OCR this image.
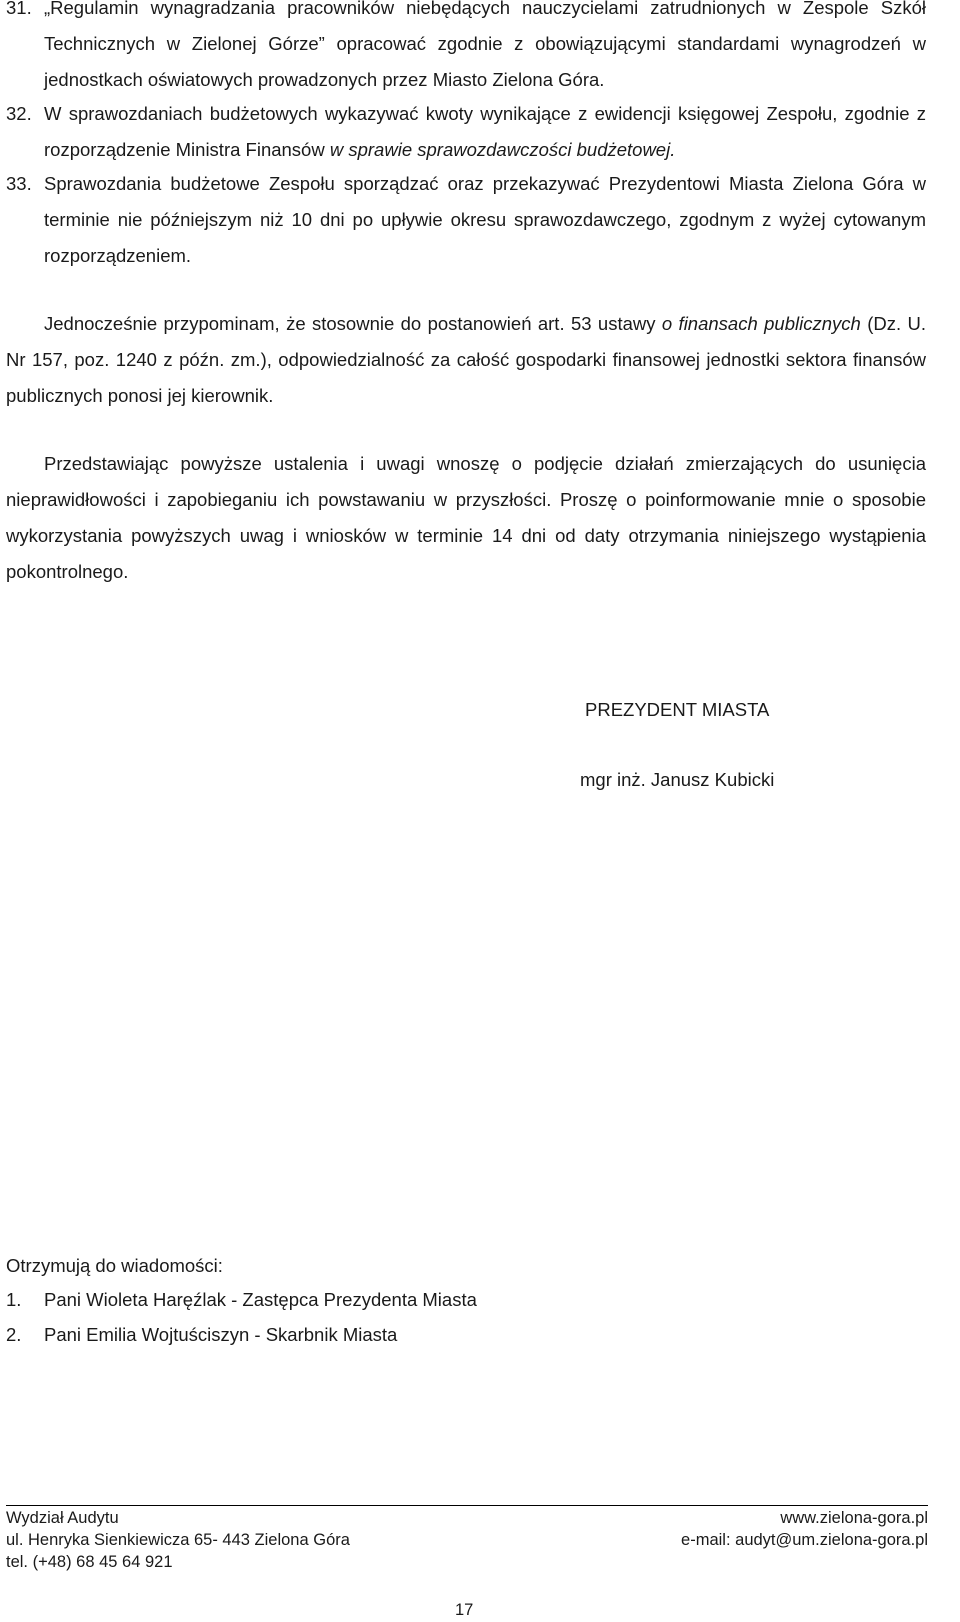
31. „Regulamin wynagradzania pracowników niebędących nauczycielami zatrudnionych w Zespole Szkół Technicznych w Zielonej Górze” opracować zgodnie z obowiązującymi standardami wynagrodzeń w jednostkach oświatowych prowadzonych przez Miasto Zielona Góra.
32. W sprawozdaniach budżetowych wykazywać kwoty wynikające z ewidencji księgowej Zespołu, zgodnie z rozporządzenie Ministra Finansów w sprawie sprawozdawczości budżetowej.
33. Sprawozdania budżetowe Zespołu sporządzać oraz przekazywać Prezydentowi Miasta Zielona Góra w terminie nie późniejszym niż 10 dni po upływie okresu sprawozdawczego, zgodnym z wyżej cytowanym rozporządzeniem.
Jednocześnie przypominam, że stosownie do postanowień art. 53 ustawy o finansach publicznych (Dz. U. Nr 157, poz. 1240 z późn. zm.), odpowiedzialność za całość gospodarki finansowej jednostki sektora finansów publicznych ponosi jej kierownik.
Przedstawiając powyższe ustalenia i uwagi wnoszę o podjęcie działań zmierzających do usunięcia nieprawidłowości i zapobieganiu ich powstawaniu w przyszłości. Proszę o poinformowanie mnie o sposobie wykorzystania powyższych uwag i wniosków w terminie 14 dni od daty otrzymania niniejszego wystąpienia pokontrolnego.
PREZYDENT MIASTA
mgr inż. Janusz Kubicki
Otrzymują do wiadomości:
1. Pani Wioleta Haręźlak - Zastępca Prezydenta Miasta
2. Pani Emilia Wojtuściszyn - Skarbnik Miasta
Wydział Audytu
ul. Henryka Sienkiewicza 65- 443 Zielona Góra
tel. (+48) 68 45 64 921
www.zielona-gora.pl
e-mail: audyt@um.zielona-gora.pl
17
